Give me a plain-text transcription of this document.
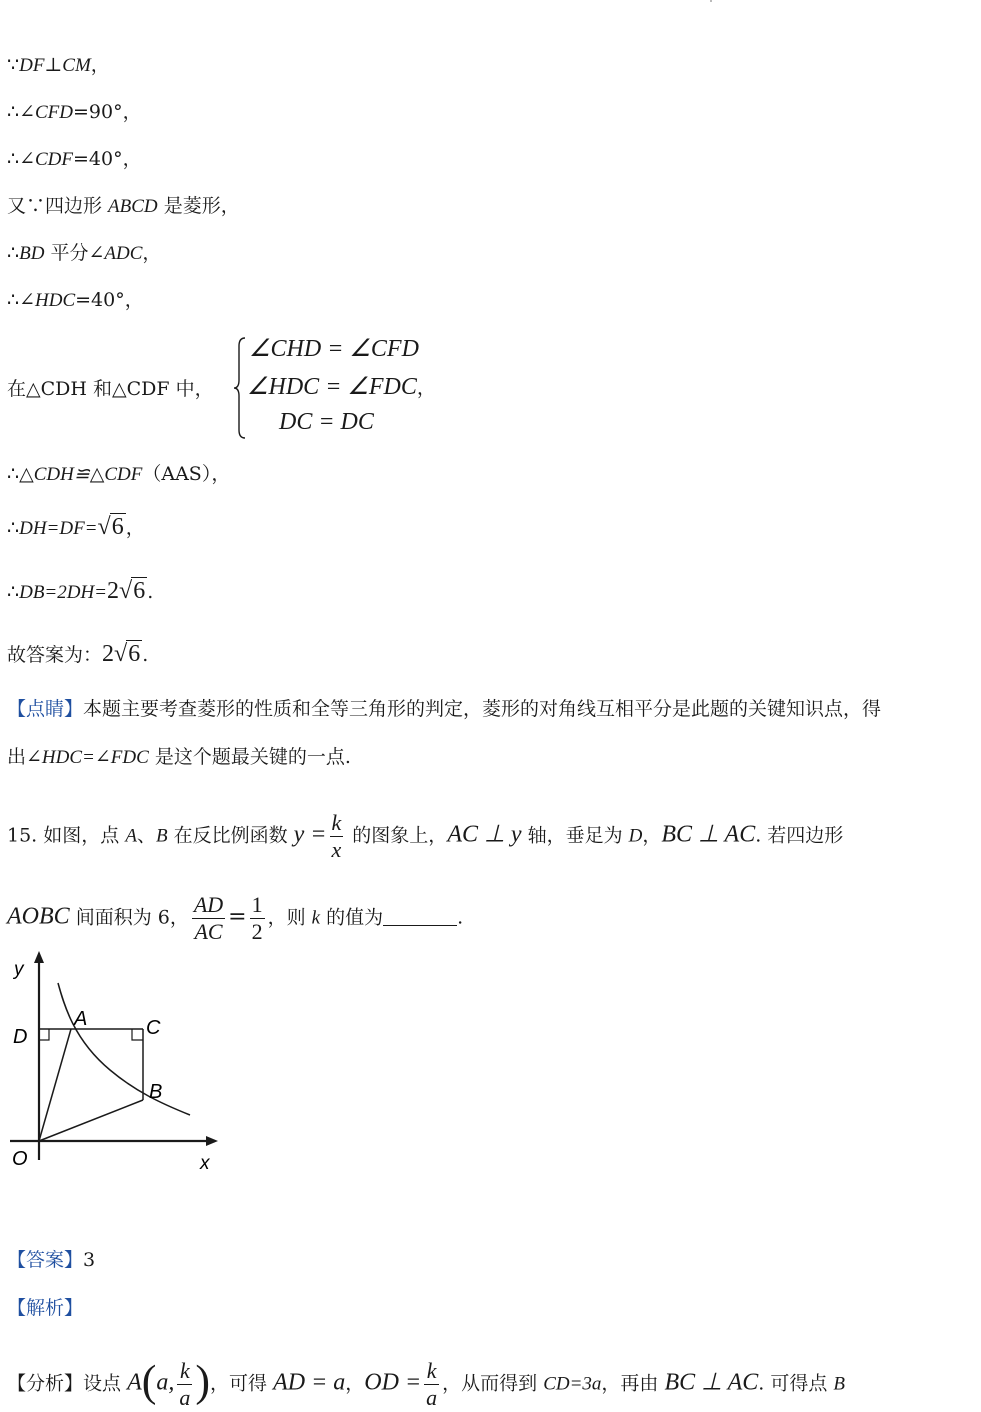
∵DF⊥CM，
∴∠CFD=90°，
∴∠CDF=40°，
又∵四边形 ABCD 是菱形，
∴BD 平分∠ADC，
∴∠HDC=40°，
在△CDH 和△CDF 中，
∠CHD = ∠CFD
∠HDC = ∠FDC，
DC = DC
∴△CDH≌△CDF（AAS），
∴DH=DF=√6 ，
∴DB=2DH=2√6 .
故答案为：2√6 .
【点睛】本题主要考查菱形的性质和全等三角形的判定，菱形的对角线互相平分是此题的关键知识点，得
出∠HDC=∠FDC 是这个题最关键的一点.
15. 如图，点 A、B 在反比例函数 $y = \frac{k}{x}$ 的图象上，AC ⊥ y 轴，垂足为 D，BC ⊥ AC. 若四边形
AOBC 间面积为 6， $\frac{AD}{AC} = \frac{1}{2}$ ，则 k 的值为	.
y
x
O
D
A	C
B
【答案】3
【解析】
【分析】设点 A(a, $\frac{k}{a}$ )，可得 AD = a，OD = $\frac{k}{a}$ ，从而得到 CD=3a，再由 BC ⊥ AC. 可得点 B
